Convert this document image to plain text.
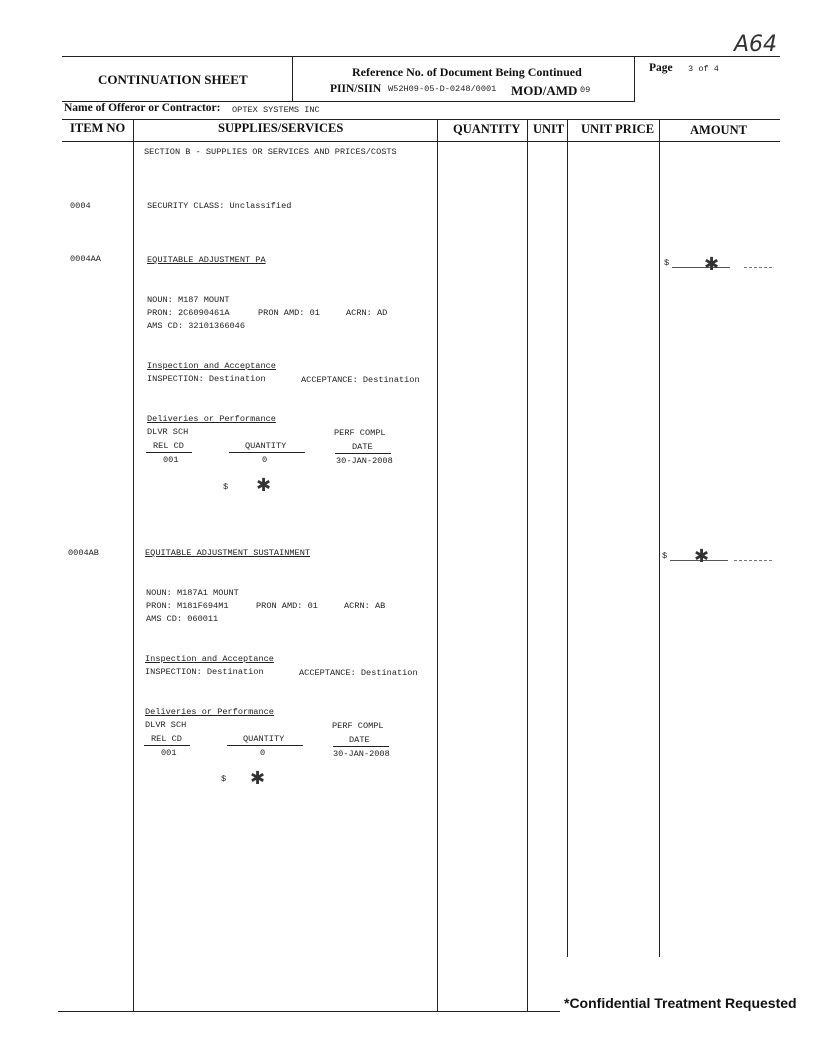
A64
CONTINUATION SHEET	Reference No. of Document Being Continued
PIIN/SIIN W52H09-05-D-0248/0001 MOD/AMD 09
Page 3 of 4
Name of Offeror or Contractor: OPTEX SYSTEMS INC
ITEM NO	SUPPLIES/SERVICES	QUANTITY UNIT UNIT PRICE	AMOUNT
SECTION B - SUPPLIES OR SERVICES AND PRICES/COSTS
0004	SECURITY CLASS: Unclassified
0004AA	EQUITABLE ADJUSTMENT PA	$ ✱
NOUN: M187 MOUNT
PRON: 2C6090461A	PRON AMD: 01	ACRN: AD
AMS CD: 32101366046
Inspection and Acceptance
INSPECTION: Destination	ACCEPTANCE: Destination
Deliveries or Performance
DLVR SCH	PERF COMPL
REL CD	QUANTITY	DATE
001	0	30-JAN-2008
$ ✱
0004AB	EQUITABLE ADJUSTMENT SUSTAINMENT	$ ✱
NOUN: M187A1 MOUNT
PRON: M181F694M1	PRON AMD: 01	ACRN: AB
AMS CD: 060011
Inspection and Acceptance
INSPECTION: Destination	ACCEPTANCE: Destination
Deliveries or Performance
DLVR SCH	PERF COMPL
REL CD	QUANTITY	DATE
001	0	30-JAN-2008
$ ✱
*Confidential Treatment Requested
